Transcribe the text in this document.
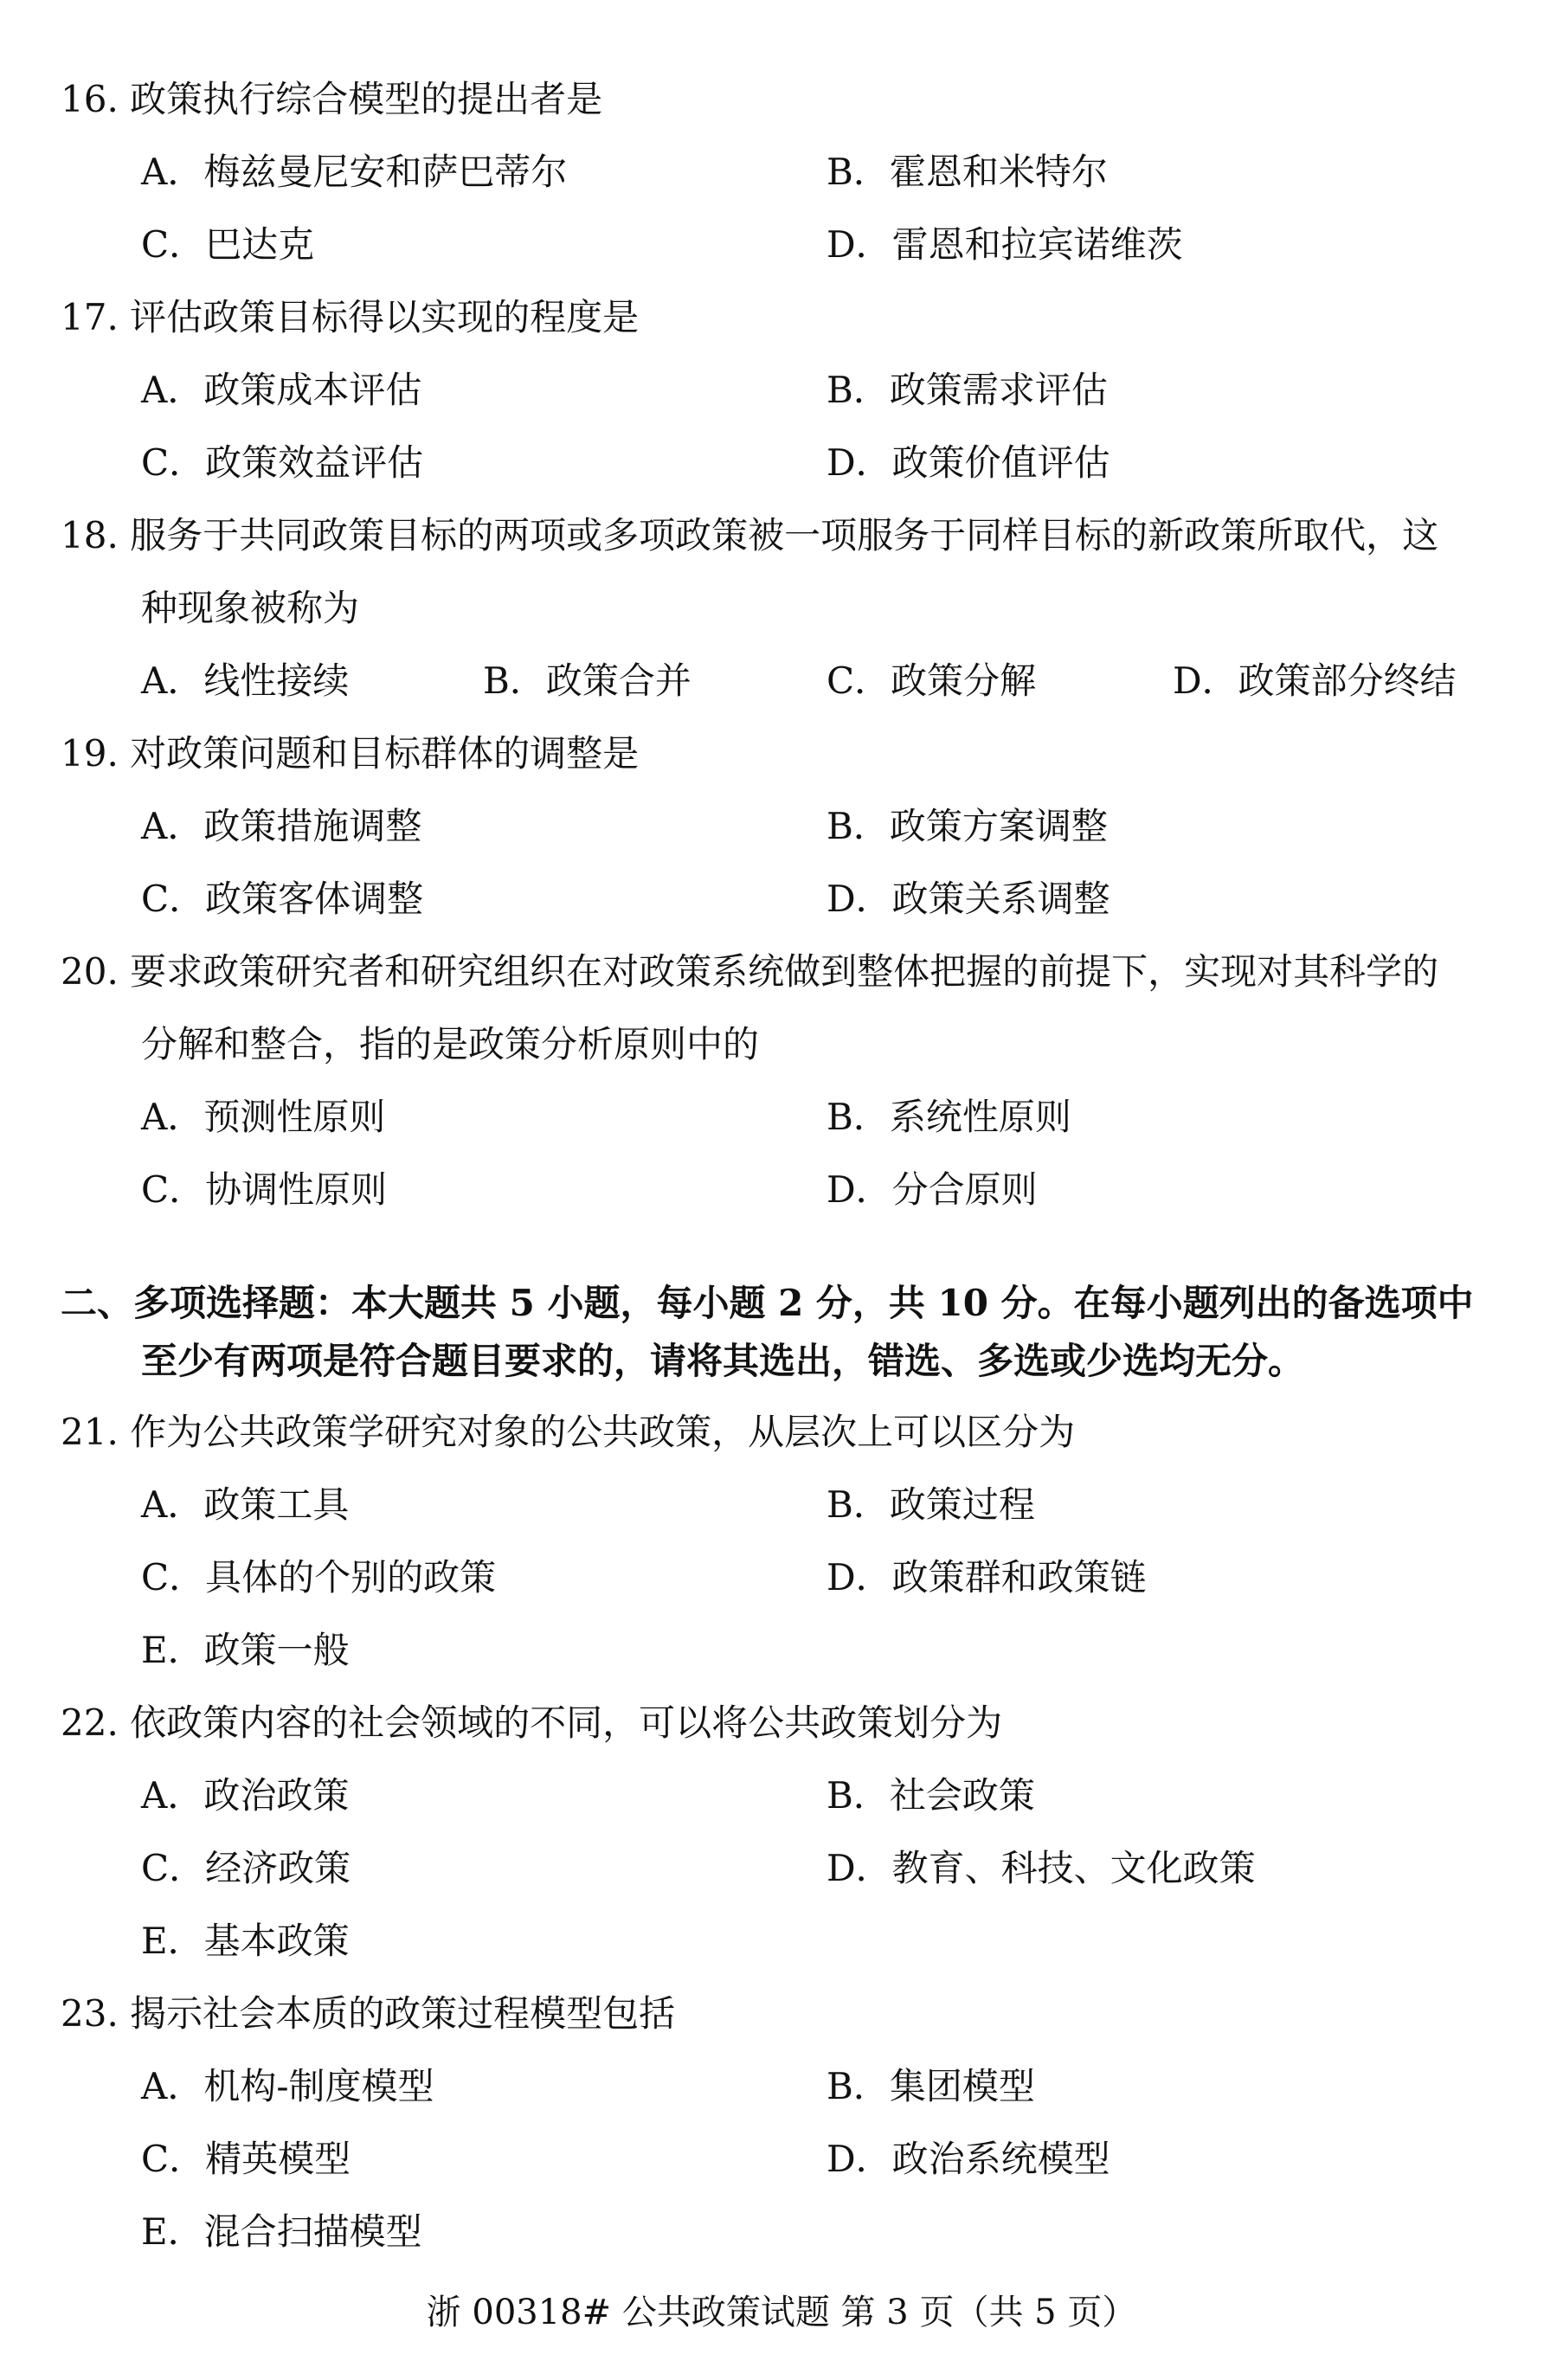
16. 政策执行综合模型的提出者是
A．梅兹曼尼安和萨巴蒂尔	B．霍恩和米特尔
C．巴达克	D．雷恩和拉宾诺维茨
17. 评估政策目标得以实现的程度是
A．政策成本评估	B．政策需求评估
C．政策效益评估	D．政策价值评估
18. 服务于共同政策目标的两项或多项政策被一项服务于同样目标的新政策所取代，这
种现象被称为
A．线性接续	B．政策合并	C．政策分解	D．政策部分终结
19. 对政策问题和目标群体的调整是
A．政策措施调整	B．政策方案调整
C．政策客体调整	D．政策关系调整
20. 要求政策研究者和研究组织在对政策系统做到整体把握的前提下，实现对其科学的
分解和整合，指的是政策分析原则中的
A．预测性原则	B．系统性原则
C．协调性原则	D．分合原则
二、多项选择题：本大题共 5 小题，每小题 2 分，共 10 分。在每小题列出的备选项中
至少有两项是符合题目要求的，请将其选出，错选、多选或少选均无分。
21. 作为公共政策学研究对象的公共政策，从层次上可以区分为
A．政策工具	B．政策过程
C．具体的个别的政策	D．政策群和政策链
E．政策一般
22. 依政策内容的社会领域的不同，可以将公共政策划分为
A．政治政策	B．社会政策
C．经济政策	D．教育、科技、文化政策
E．基本政策
23. 揭示社会本质的政策过程模型包括
A．机构-制度模型	B．集团模型
C．精英模型	D．政治系统模型
E．混合扫描模型
浙 00318# 公共政策试题 第 3 页（共 5 页）
